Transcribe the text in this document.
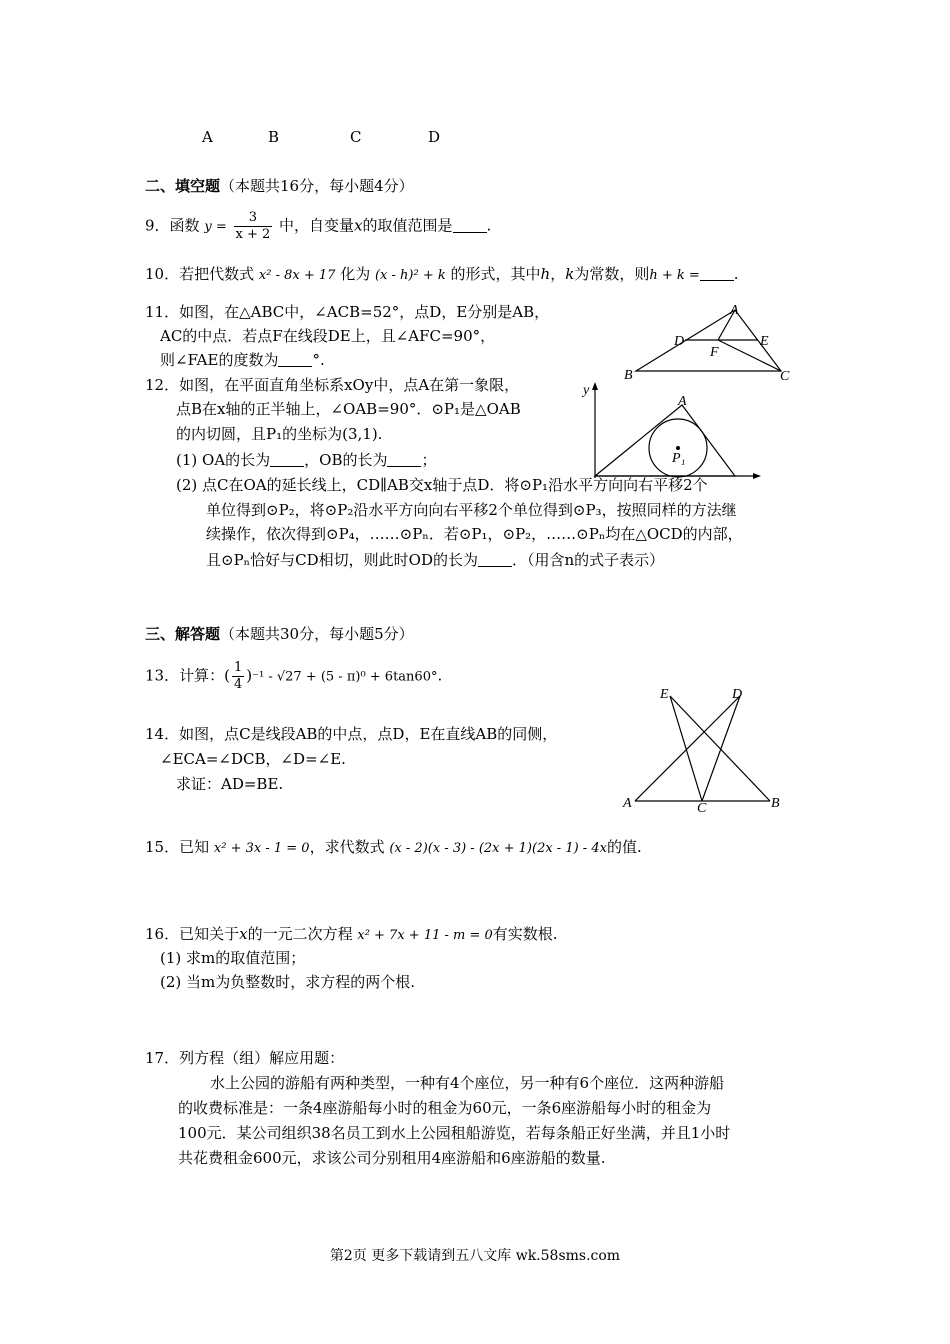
A	B	C	D
二、填空题（本题共16分，每小题4分）
9．函数 $y = \frac{3}{x + 2}$ 中，自变量x的取值范围是 .
10．若把代数式 x² - 8x + 17 化为 (x - h)² + k 的形式，其中h，k为常数，则h + k = .
11．如图，在△ABC中，∠ACB=52°，点D，E分别是AB，
AC的中点．若点F在线段DE上，且∠AFC=90°，
则∠FAE的度数为 °.
A
B	C
D	E
F
12．如图，在平面直角坐标系xOy中，点A在第一象限，
点B在x轴的正半轴上，∠OAB=90°．⊙P₁是△OAB
的内切圆，且P₁的坐标为(3,1).
(1) OA的长为 ，OB的长为 ；
y
A
P₁
(2) 点C在OA的延长线上，CD∥AB交x轴于点D．将⊙P₁沿水平方向向右平移2个
单位得到⊙P₂，将⊙P₂沿水平方向向右平移2个单位得到⊙P₃，按照同样的方法继
续操作，依次得到⊙P₄，……⊙Pₙ．若⊙P₁，⊙P₂，……⊙Pₙ均在△OCD的内部，
且⊙Pₙ恰好与CD相切，则此时OD的长为 ．（用含n的式子表示）
三、解答题（本题共30分，每小题5分）
13．计算：( $\frac{1}{4} )^{-1} - √27 + (5 - \pi)^0 + 6\tan 60^\circ$.
E	D
A	C	B
14．如图，点C是线段AB的中点，点D，E在直线AB的同侧，
∠ECA=∠DCB，∠D=∠E.
求证：AD=BE.
15．已知 x² + 3x - 1 = 0，求代数式 (x - 2)(x - 3) - (2x + 1)(2x - 1) - 4x的值.
16．已知关于x的一元二次方程 x² + 7x + 11 - m = 0有实数根.
(1) 求m的取值范围；
(2) 当m为负整数时，求方程的两个根.
17．列方程（组）解应用题：
水上公园的游船有两种类型，一种有4个座位，另一种有6个座位．这两种游船
的收费标准是：一条4座游船每小时的租金为60元，一条6座游船每小时的租金为
100元．某公司组织38名员工到水上公园租船游览，若每条船正好坐满，并且1小时
共花费租金600元，求该公司分别租用4座游船和6座游船的数量.
第2页 更多下载请到五八文库 wk.58sms.com
